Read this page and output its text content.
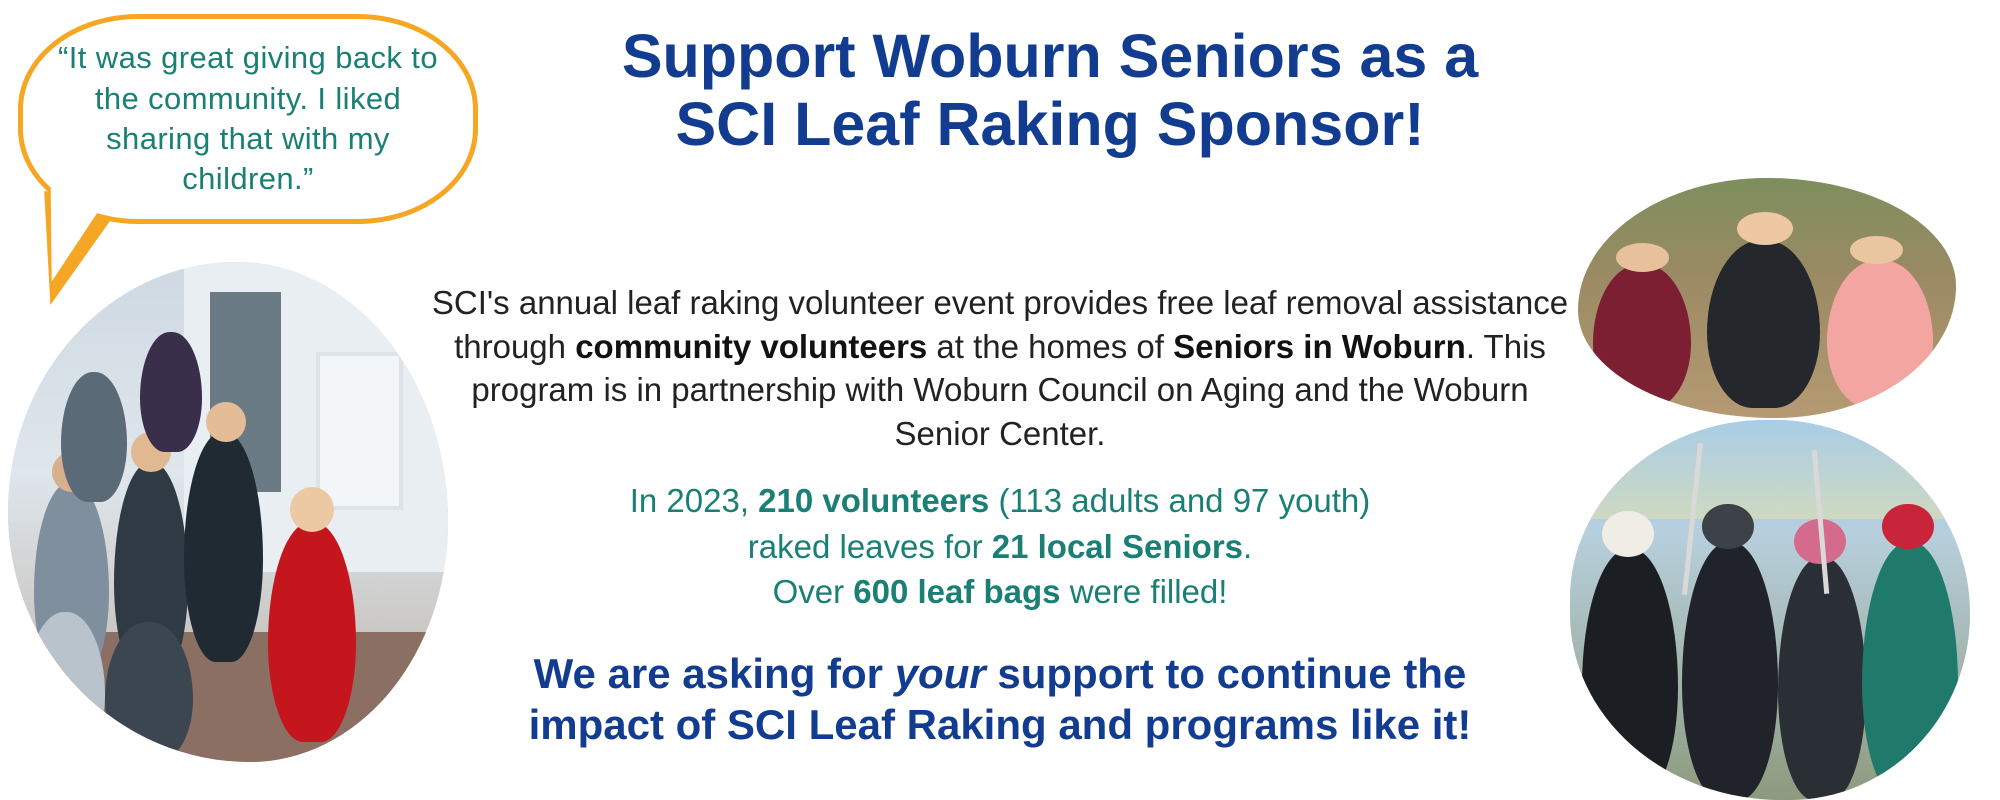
“It was great giving back to the community. I liked sharing that with my children.”
Support Woburn Seniors as a
SCI Leaf Raking Sponsor!

SCI's annual leaf raking volunteer event provides free leaf removal assistance through community volunteers at the homes of Seniors in Woburn. This program is in partnership with Woburn Council on Aging and the Woburn Senior Center.

In 2023, 210 volunteers (113 adults and 97 youth)
raked leaves for 21 local Seniors.
Over 600 leaf bags were filled!
We are asking for your support to continue the
impact of SCI Leaf Raking and programs like it!
